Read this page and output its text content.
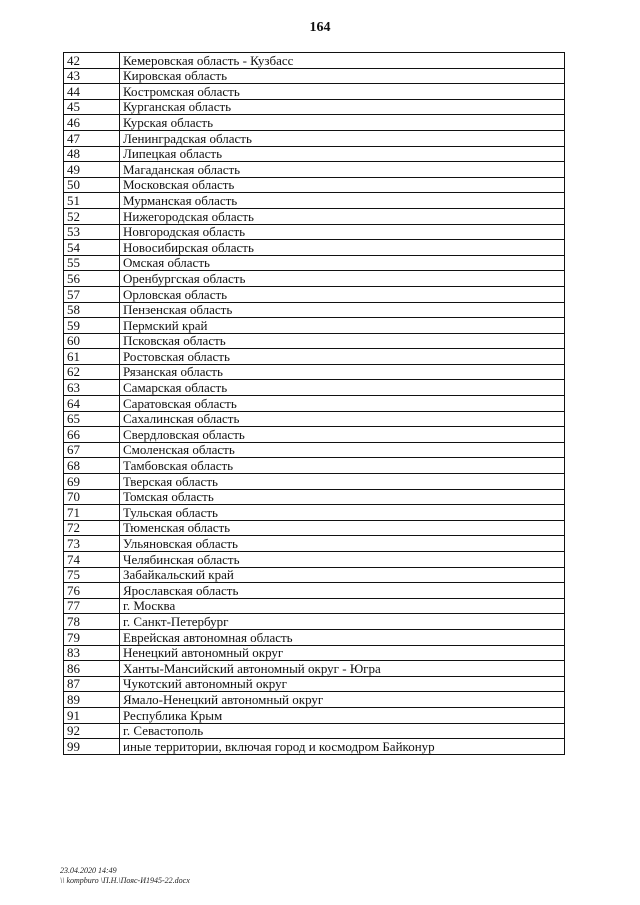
164
42	Кемеровская область - Кузбасс
43	Кировская область
44	Костромская область
45	Курганская область
46	Курская область
47	Ленинградская область
48	Липецкая область
49	Магаданская область
50	Московская область
51	Мурманская область
52	Нижегородская область
53	Новгородская область
54	Новосибирская область
55	Омская область
56	Оренбургская область
57	Орловская область
58	Пензенская область
59	Пермский край
60	Псковская область
61	Ростовская область
62	Рязанская область
63	Самарская область
64	Саратовская область
65	Сахалинская область
66	Свердловская область
67	Смоленская область
68	Тамбовская область
69	Тверская область
70	Томская область
71	Тульская область
72	Тюменская область
73	Ульяновская область
74	Челябинская область
75	Забайкальский край
76	Ярославская область
77	г. Москва
78	г. Санкт-Петербург
79	Еврейская автономная область
83	Ненецкий автономный округ
86	Ханты-Мансийский автономный округ - Югра
87	Чукотский автономный округ
89	Ямало-Ненецкий автономный округ
91	Республика Крым
92	г. Севастополь
99	иные территории, включая город и космодром Байконур
23.04.2020 14:49
\\ kompburo \П.Н.\Пояс-И1945-22.docx
